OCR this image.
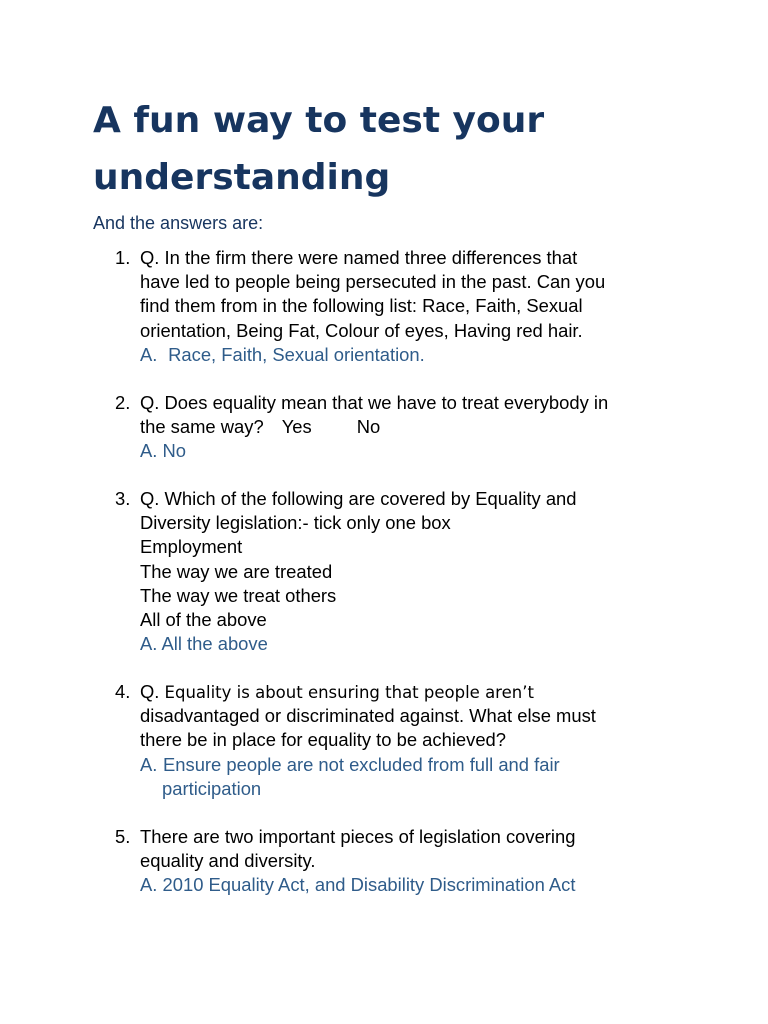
A fun way to test your understanding

And the answers are:

1. Q. In the firm there were named three differences that
have led to people being persecuted in the past. Can you
find them from in the following list: Race, Faith, Sexual
orientation, Being Fat, Colour of eyes, Having red hair.
A. Race, Faith, Sexual orientation.
2. Q. Does equality mean that we have to treat everybody in
the same way? Yes No
A. No
3. Q. Which of the following are covered by Equality and
Diversity legislation:- tick only one box
Employment
The way we are treated
The way we treat others
All of the above
A. All the above
4. Q. Equality is about ensuring that people aren’t
disadvantaged or discriminated against. What else must
there be in place for equality to be achieved?
A. Ensure people are not excluded from full and fair
participation
5. There are two important pieces of legislation covering
equality and diversity.
A. 2010 Equality Act, and Disability Discrimination Act
